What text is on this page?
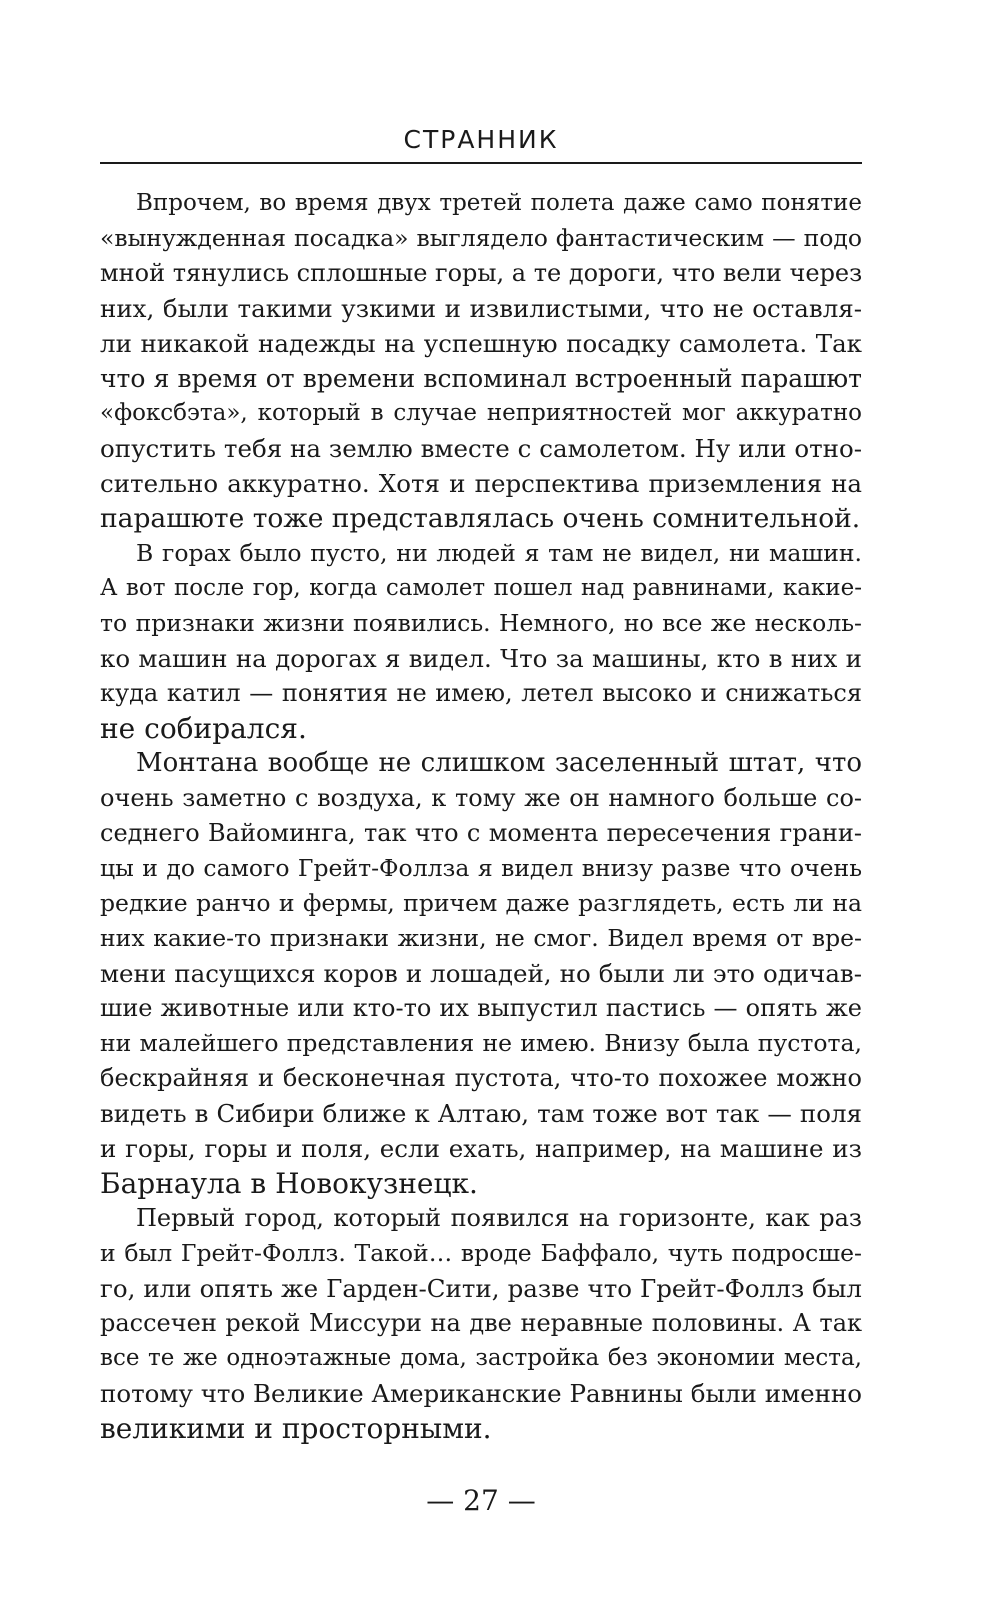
СТРАННИК
Впрочем, во время двух третей полета даже само понятие
«вынужденная посадка» выглядело фантастическим — подо
мной тянулись сплошные горы, а те дороги, что вели через
них, были такими узкими и извилистыми, что не оставля-
ли никакой надежды на успешную посадку самолета. Так
что я время от времени вспоминал встроенный парашют
«фоксбэта», который в случае неприятностей мог аккуратно
опустить тебя на землю вместе с самолетом. Ну или отно-
сительно аккуратно. Хотя и перспектива приземления на
парашюте тоже представлялась очень сомнительной.
В горах было пусто, ни людей я там не видел, ни машин.
А вот после гор, когда самолет пошел над равнинами, какие-
то признаки жизни появились. Немного, но все же несколь-
ко машин на дорогах я видел. Что за машины, кто в них и
куда катил — понятия не имею, летел высоко и снижаться
не собирался.
Монтана вообще не слишком заселенный штат, что
очень заметно с воздуха, к тому же он намного больше со-
седнего Вайоминга, так что с момента пересечения грани-
цы и до самого Грейт-Фоллза я видел внизу разве что очень
редкие ранчо и фермы, причем даже разглядеть, есть ли на
них какие-то признаки жизни, не смог. Видел время от вре-
мени пасущихся коров и лошадей, но были ли это одичав-
шие животные или кто-то их выпустил пастись — опять же
ни малейшего представления не имею. Внизу была пустота,
бескрайняя и бесконечная пустота, что-то похожее можно
видеть в Сибири ближе к Алтаю, там тоже вот так — поля
и горы, горы и поля, если ехать, например, на машине из
Барнаула в Новокузнецк.
Первый город, который появился на горизонте, как раз
и был Грейт-Фоллз. Такой… вроде Баффало, чуть подросше-
го, или опять же Гарден-Сити, разве что Грейт-Фоллз был
рассечен рекой Миссури на две неравные половины. А так
все те же одноэтажные дома, застройка без экономии места,
потому что Великие Американские Равнины были именно
великими и просторными.
— 27 —
